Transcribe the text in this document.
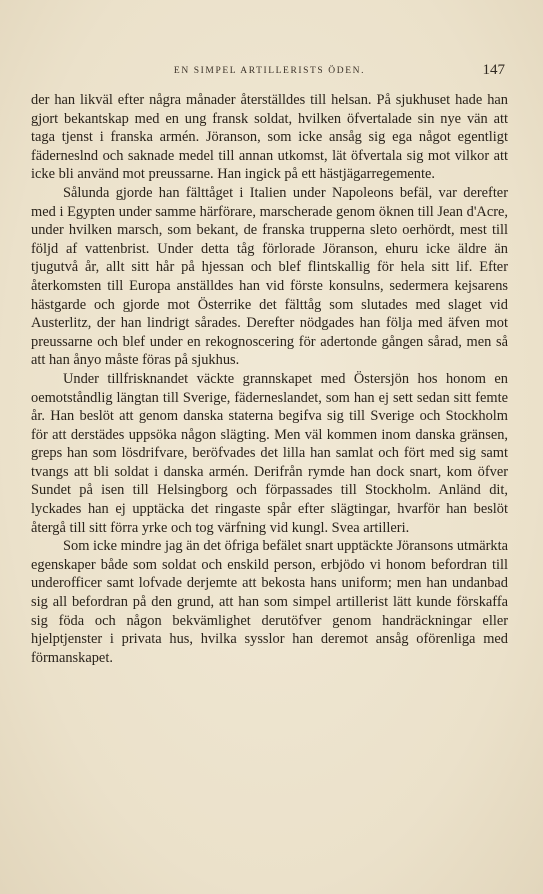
EN SIMPEL ARTILLERISTS ÖDEN.	147

der han likväl efter några månader återställdes till helsan. På sjukhuset hade han gjort bekantskap med en ung fransk soldat, hvilken öfvertalade sin nye vän att taga tjenst i franska armén. Jöranson, som icke ansåg sig ega något egentligt fäderneslnd och saknade medel till annan utkomst, lät öfvertala sig mot vilkor att icke bli använd mot preussarne. Han ingick på ett hästjägarregemente.

Sålunda gjorde han fälttåget i Italien under Napoleons befäl, var derefter med i Egypten under samme härförare, marscherade genom öknen till Jean d'Acre, under hvilken marsch, som bekant, de franska trupperna sleto oerhördt, mest till följd af vattenbrist. Under detta tåg förlorade Jöranson, ehuru icke äldre än tjugutvå år, allt sitt hår på hjessan och blef flintskallig för hela sitt lif. Efter återkomsten till Europa anställdes han vid förste konsulns, sedermera kejsarens hästgarde och gjorde mot Österrike det fälttåg som slutades med slaget vid Austerlitz, der han lindrigt sårades. Derefter nödgades han följa med äfven mot preussarne och blef under en rekognoscering för adertonde gången sårad, men så att han ånyo måste föras på sjukhus.

Under tillfrisknandet väckte grannskapet med Östersjön hos honom en oemotståndlig längtan till Sverige, fäderneslandet, som han ej sett sedan sitt femte år. Han beslöt att genom danska staterna begifva sig till Sverige och Stockholm för att derstädes uppsöka någon slägting. Men väl kommen inom danska gränsen, greps han som lösdrifvare, beröfvades det lilla han samlat och fört med sig samt tvangs att bli soldat i danska armén. Derifrån rymde han dock snart, kom öfver Sundet på isen till Helsingborg och förpassades till Stockholm. Anländ dit, lyckades han ej upptäcka det ringaste spår efter slägtingar, hvarför han beslöt återgå till sitt förra yrke och tog värfning vid kungl. Svea artilleri.

Som icke mindre jag än det öfriga befälet snart upptäckte Jöransons utmärkta egenskaper både som soldat och enskild person, erbjödo vi honom befordran till underofficer samt lofvade derjemte att bekosta hans uniform; men han undanbad sig all befordran på den grund, att han som simpel artillerist lätt kunde förskaffa sig föda och någon bekvämlighet derutöfver genom handräckningar eller hjelptjenster i privata hus, hvilka sysslor han deremot ansåg oförenliga med förmanskapet.
